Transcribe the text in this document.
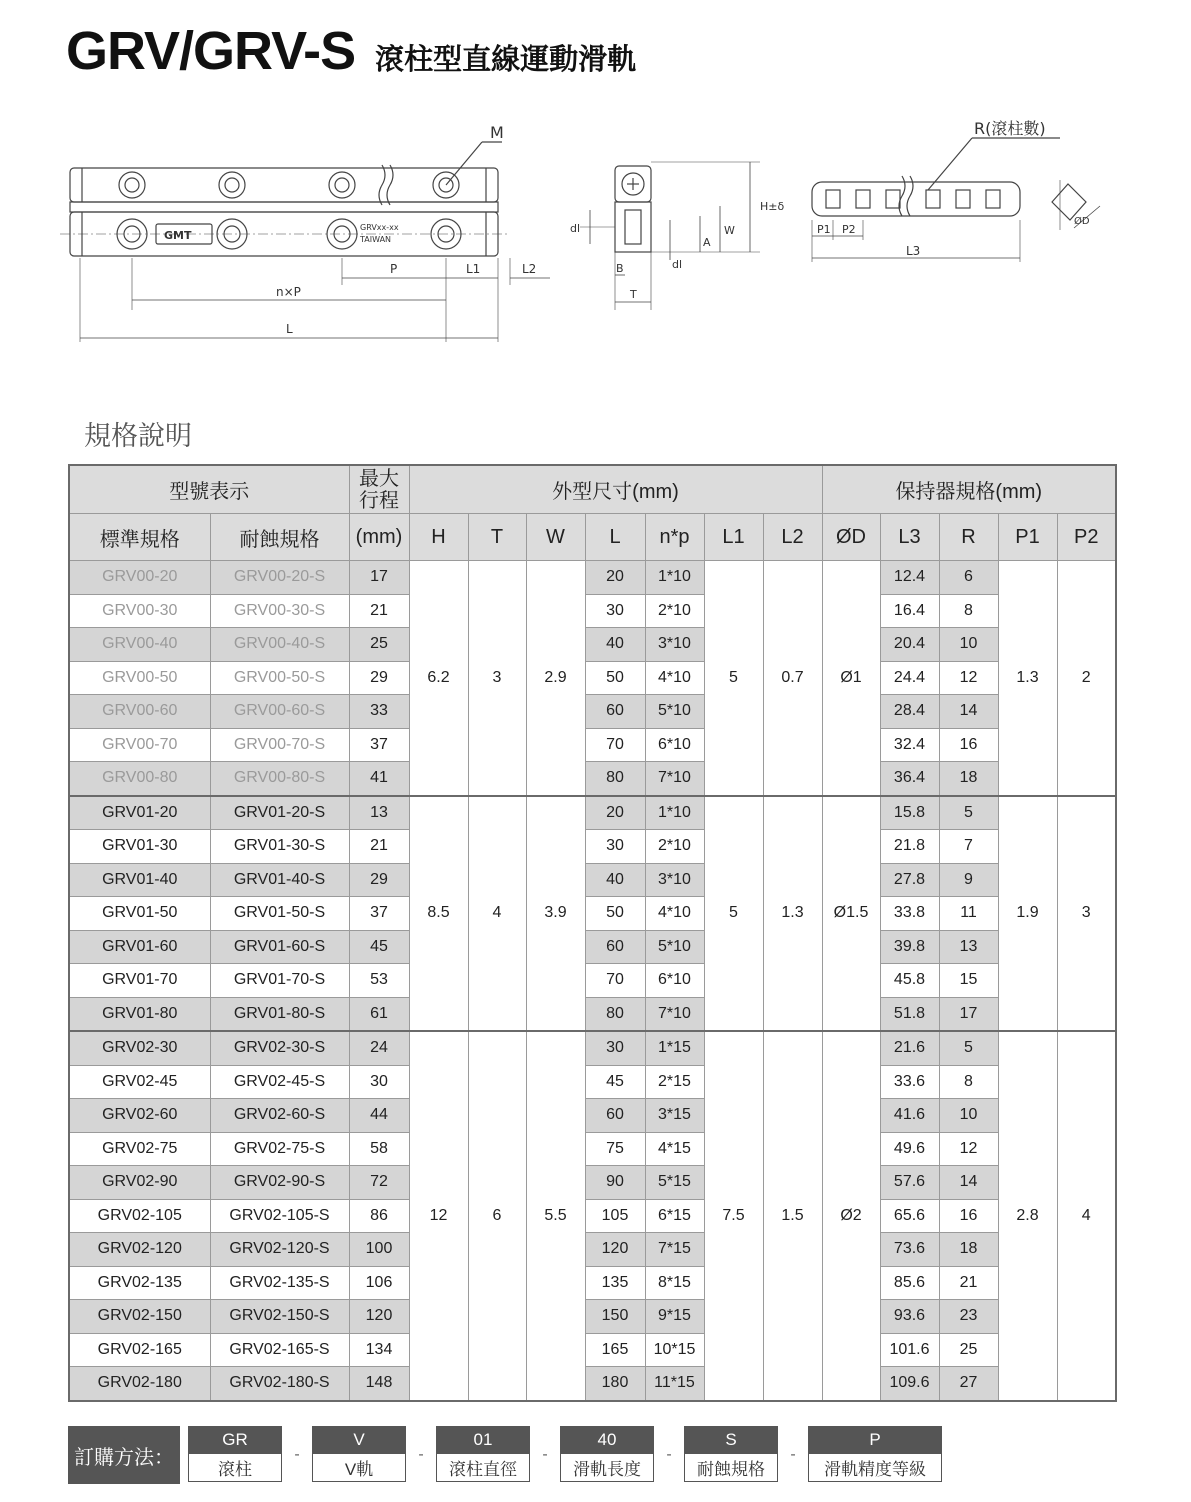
GRV/GRV-S 滾柱型直線運動滑軌
M	R(滾柱數)
P	L1	L2
n×P
L
H±δ
dl
dl
A
W
B
T
P1 P2
L3
ØD
GMT
GRVxx-xx
TAIWAN
規格說明
型號表示		最大
行程	外型尺寸(mm)							保持器規格(mm)				
標準規格	耐蝕規格	(mm)	H	T	W	L	n*p	L1	L2	ØD	L3	R	P1	P2
GRV00-20	GRV00-20-S	17	6.2	3	2.9	20	1*10	5	0.7	Ø1	12.4	6	1.3	2
GRV00-30	GRV00-30-S	21				30	2*10				16.4	8		
GRV00-40	GRV00-40-S	25				40	3*10				20.4	10		
GRV00-50	GRV00-50-S	29				50	4*10				24.4	12		
GRV00-60	GRV00-60-S	33				60	5*10				28.4	14		
GRV00-70	GRV00-70-S	37				70	6*10				32.4	16		
GRV00-80	GRV00-80-S	41				80	7*10				36.4	18		
GRV01-20	GRV01-20-S	13	8.5	4	3.9	20	1*10	5	1.3	Ø1.5	15.8	5	1.9	3
GRV01-30	GRV01-30-S	21				30	2*10				21.8	7		
GRV01-40	GRV01-40-S	29				40	3*10				27.8	9		
GRV01-50	GRV01-50-S	37				50	4*10				33.8	11		
GRV01-60	GRV01-60-S	45				60	5*10				39.8	13		
GRV01-70	GRV01-70-S	53				70	6*10				45.8	15		
GRV01-80	GRV01-80-S	61				80	7*10				51.8	17		
GRV02-30	GRV02-30-S	24	12	6	5.5	30	1*15	7.5	1.5	Ø2	21.6	5	2.8	4
GRV02-45	GRV02-45-S	30				45	2*15				33.6	8		
GRV02-60	GRV02-60-S	44				60	3*15				41.6	10		
GRV02-75	GRV02-75-S	58				75	4*15				49.6	12		
GRV02-90	GRV02-90-S	72				90	5*15				57.6	14		
GRV02-105	GRV02-105-S	86				105	6*15				65.6	16		
GRV02-120	GRV02-120-S	100				120	7*15				73.6	18		
GRV02-135	GRV02-135-S	106				135	8*15				85.6	21		
GRV02-150	GRV02-150-S	120				150	9*15				93.6	23		
GRV02-165	GRV02-165-S	134				165	10*15				101.6	25		
GRV02-180	GRV02-180-S	148				180	11*15				109.6	27		
訂購方法：
GR
滾柱
-
V
V軌
-
01
滾柱直徑
-
40
滑軌長度
-
S
耐蝕規格
-
P
滑軌精度等級
